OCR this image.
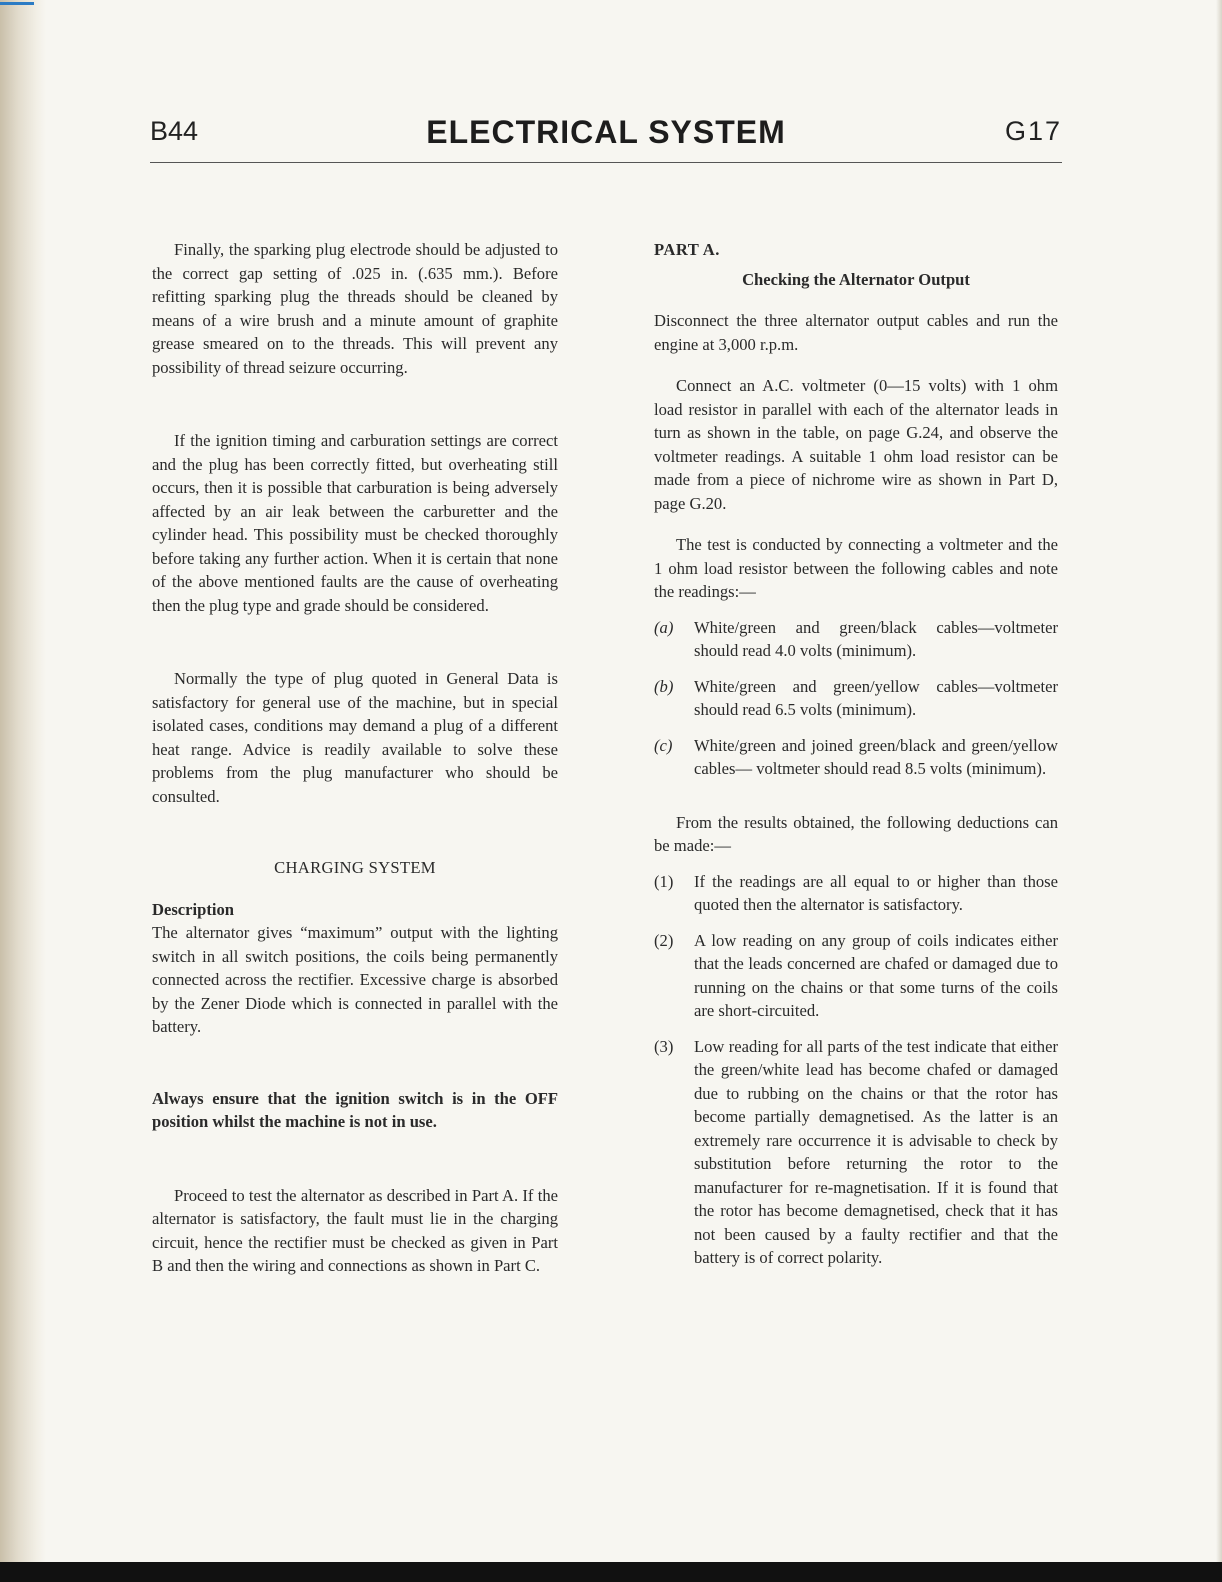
B44	ELECTRICAL SYSTEM	G17

Finally, the sparking plug electrode should be adjusted to the correct gap setting of .025 in. (.635 mm.). Before refitting sparking plug the threads should be cleaned by means of a wire brush and a minute amount of graphite grease smeared on to the threads. This will prevent any possibility of thread seizure occurring.

If the ignition timing and carburation settings are correct and the plug has been correctly fitted, but overheating still occurs, then it is possible that carburation is being adversely affected by an air leak between the carburetter and the cylinder head. This possibility must be checked thoroughly before taking any further action. When it is certain that none of the above mentioned faults are the cause of overheating then the plug type and grade should be considered.

Normally the type of plug quoted in General Data is satisfactory for general use of the machine, but in special isolated cases, conditions may demand a plug of a different heat range. Advice is readily available to solve these problems from the plug manufacturer who should be consulted.

CHARGING SYSTEM
Description

The alternator gives “maximum” output with the lighting switch in all switch positions, the coils being permanently connected across the rectifier. Excessive charge is absorbed by the Zener Diode which is connected in parallel with the battery.

Always ensure that the ignition switch is in the OFF position whilst the machine is not in use.

Proceed to test the alternator as described in Part A. If the alternator is satisfactory, the fault must lie in the charging circuit, hence the rectifier must be checked as given in Part B and then the wiring and connections as shown in Part C.

PART A.
Checking the Alternator Output

Disconnect the three alternator output cables and run the engine at 3,000 r.p.m.

Connect an A.C. voltmeter (0—15 volts) with 1 ohm load resistor in parallel with each of the alternator leads in turn as shown in the table, on page G.24, and observe the voltmeter readings. A suitable 1 ohm load resistor can be made from a piece of nichrome wire as shown in Part D, page G.20.

The test is conducted by connecting a voltmeter and the 1 ohm load resistor between the following cables and note the readings:—

(a)	White/green and green/black cables—voltmeter should read 4.0 volts (minimum).
(b)	White/green and green/yellow cables—voltmeter should read 6.5 volts (minimum).
(c)	White/green and joined green/black and green/yellow cables— voltmeter should read 8.5 volts (minimum).

From the results obtained, the following deductions can be made:—

(1)	If the readings are all equal to or higher than those quoted then the alternator is satisfactory.
(2)	A low reading on any group of coils indicates either that the leads concerned are chafed or damaged due to running on the chains or that some turns of the coils are short-circuited.
(3)	Low reading for all parts of the test indicate that either the green/white lead has become chafed or damaged due to rubbing on the chains or that the rotor has become partially demagnetised. As the latter is an extremely rare occurrence it is advisable to check by substitution before returning the rotor to the manufacturer for re-magnetisation. If it is found that the rotor has become demagnetised, check that it has not been caused by a faulty rectifier and that the battery is of correct polarity.
